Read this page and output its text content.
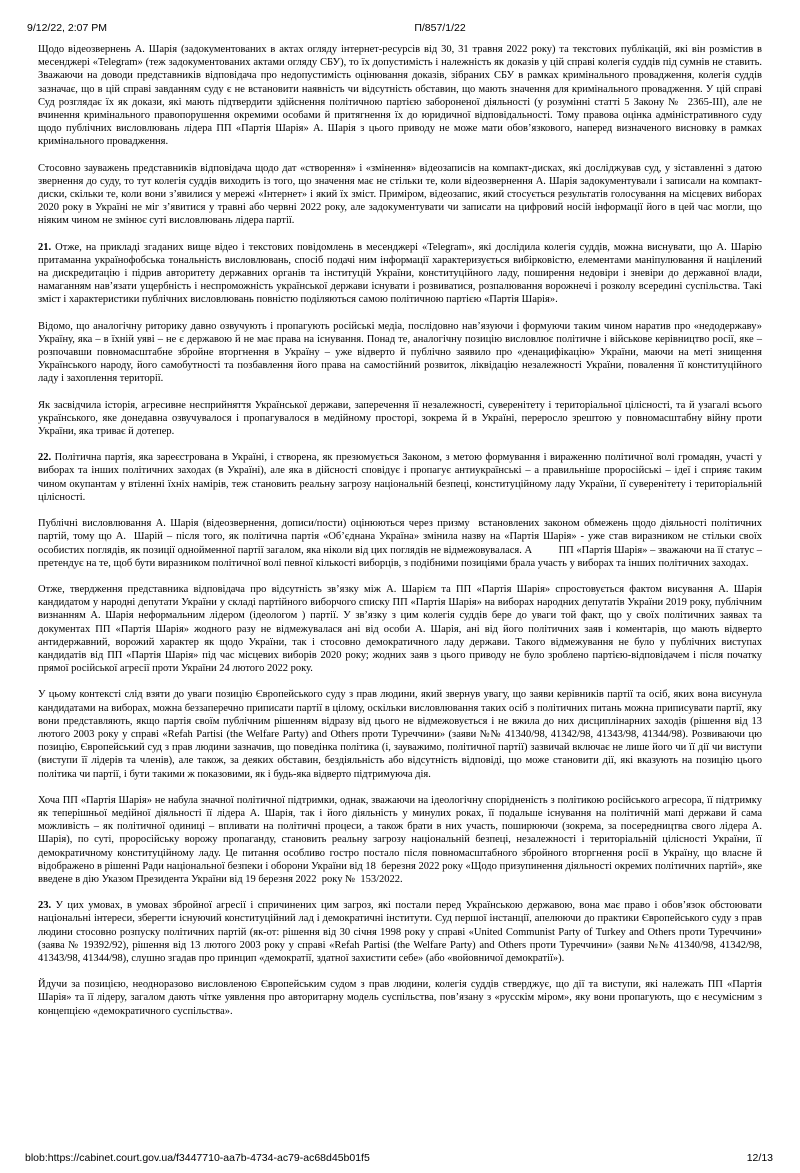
9/12/22, 2:07 PM	П/857/1/22

Щодо відеозвернень А. Шарія (задокументованих в актах огляду інтернет-ресурсів від 30, 31 травня 2022 року) та текстових публікацій, які він розмістив в месенджері «Telegram» (теж задокументованих актами огляду СБУ), то їх допустимість і належність як доказів у цій справі колегія суддів під сумнів не ставить. Зважаючи на доводи представників відповідача про недопустимість оцінювання доказів, зібраних СБУ в рамках кримінального провадження, колегія суддів зазначає, що в цій справі завданням суду є не встановити наявність чи відсутність обставин, що мають значення для кримінального провадження. У цій справі Суд розглядає їх як докази, які мають підтвердити здійснення політичною партією забороненої діяльності (у розумінні статті 5 Закону №  2365-ІІІ), але не вчинення кримінального правопорушення окремими особами й притягнення їх до юридичної відповідальності. Тому правова оцінка адміністративного суду щодо публічних висловлювань лідера ПП «Партія Шарія» А. Шарія з цього приводу не може мати обов’язкового, наперед визначеного висновку в рамках кримінального провадження.

Стосовно зауважень представників відповідача щодо дат «створення» і «змінення» відеозаписів на компакт-дисках, які досліджував суд, у зіставленні з датою звернення до суду, то тут колегія суддів виходить із того, що значення має не стільки те, коли відеозвернення А. Шарія задокументували і записали на компакт-диски, скільки те, коли вони з’явилися у мережі «Інтернет» і який їх зміст. Приміром, відеозапис, який стосується результатів голосування на місцевих виборах 2020 року в Україні не міг з’явитися у травні або червні 2022 року, але задокументувати чи записати на цифровий носій інформації його в цей час могли, що ніяким чином не змінює суті висловлювань лідера партії.

21. Отже, на прикладі згаданих вище відео і текстових повідомлень в месенджері «Telegram», які дослідила колегія суддів, можна виснувати, що А. Шарію притаманна українофобська тональність висловлювань, спосіб подачі ним інформації характеризується вибірковістю, елементами маніпулювання й націлений на дискредитацію і підрив авторитету державних органів та інституцій України, конституційного ладу, поширення недовіри і зневіри до державної влади, намаганням нав’язати ущербність і неспроможність української держави існувати і розвиватися, розпалювання ворожнечі і розколу всередині суспільства. Такі зміст і характеристики публічних висловлювань повністю поділяються самою політичною партією «Партія Шарія».

Відомо, що аналогічну риторику давно озвучують і пропагують російські медіа, послідовно нав’язуючи і формуючи таким чином наратив про «недодержаву» Україну, яка – в їхній уяві – не є державою й не має права на існування. Понад те, аналогічну позицію висловлює політичне і військове керівництво росії, яке – розпочавши повномасштабне збройне вторгнення в Україну – уже відверто й публічно заявило про «денацифікацію» України, маючи на меті знищення Українського народу, його самобутності та позбавлення його права на самостійний розвиток, ліквідацію незалежності України, повалення її конституційного ладу і захоплення території.

Як засвідчила історія, агресивне несприйняття Української держави, заперечення її незалежності, суверенітету і територіальної цілісності, та й узагалі всього українського, яке донедавна озвучувалося і пропагувалося в медійному просторі, зокрема й в Україні, переросло зрештою у повномасштабну війну проти України, яка триває й дотепер.

22. Політична партія, яка зареєстрована в Україні, і створена, як презюмується Законом, з метою формування і вираженню політичної волі громадян, участі у виборах та інших політичних заходах (в Україні), але яка в дійсності сповідує і пропагує антиукраїнські – а правильніше проросійські – ідеї і сприяє таким чином окупантам у втіленні їхніх намірів, теж становить реальну загрозу національній безпеці, конституційному ладу України, її суверенітету і територіальній цілісності.

Публічні висловлювання А. Шарія (відеозвернення, дописи/пости) оцінюються через призму  встановлених законом обмежень щодо діяльності політичних партій, тому що А.  Шарій – після того, як політична партія «Об’єднана Україна» змінила назву на «Партія Шарія» - уже став виразником не стільки своїх особистих поглядів, як позиції однойменної партії загалом, яка ніколи від цих поглядів не відмежовувалася. А          ПП «Партія Шарія» – зважаючи на її статус – претендує на те, щоб бути виразником політичної волі певної кількості виборців, з подібними позиціями брала участь у виборах та інших політичних заходах.

Отже, твердження представника відповідача про відсутність зв’язку між А. Шарієм та ПП «Партія Шарія» спростовується фактом висування А. Шарія кандидатом у народні депутати України у складі партійного виборчого списку ПП «Партія Шарія» на виборах народних депутатів України 2019 року, публічним визнанням А. Шарія неформальним лідером (ідеологом ) партії. У зв’язку з цим колегія суддів бере до уваги той факт, що у своїх політичних заявах та документах ПП «Партія Шарія» жодного разу не відмежувалася ані від особи А. Шарія, ані від його політичних заяв і коментарів, що мають відверто антидержавний, ворожий характер як щодо України, так і стосовно демократичного ладу держави. Такого відмежування не було у публічних виступах кандидатів від ПП «Партія Шарія» під час місцевих виборів 2020 року; жодних заяв з цього приводу не було зроблено партією-відповідачем і після початку прямої російської агресії проти України 24 лютого 2022 року.

У цьому контексті слід взяти до уваги позицію Європейського суду з прав людини, який звернув увагу, що заяви керівників партії та осіб, яких вона висунула кандидатами на виборах, можна беззаперечно приписати партії в цілому, оскільки висловлювання таких осіб з політичних питань можна приписувати партії, яку вони представляють, якщо партія своїм публічним рішенням відразу від цього не відмежовується і не вжила до них дисциплінарних заходів (рішення від 13 лютого 2003 року у справі «Refah Partisi (the Welfare Party) and Others проти Туреччини» (заяви №№ 41340/98, 41342/98, 41343/98, 41344/98). Розвиваючи цю позицію, Європейський суд з прав людини зазначив, що поведінка політика (і, зауважимо, політичної партії) зазвичай включає не лише його чи її дії чи виступи (виступи її лідерів та членів), але також, за деяких обставин, бездіяльність або відсутність відповіді, що може становити дії, які вказують на позицію цього політика чи партії, і бути такими ж показовими, як і будь-яка відверто підтримуюча дія.

Хоча ПП «Партія Шарія» не набула значної політичної підтримки, однак, зважаючи на ідеологічну спорідненість з політикою російського агресора, її підтримку як теперішньої медійної діяльності її лідера А. Шарія, так і його діяльність у минулих роках, її подальше існування на політичній мапі держави й сама можливість – як політичної одиниці – впливати на політичні процеси, а також брати в них участь, поширюючи (зокрема, за посередництва свого лідера А. Шарія), по суті, проросійську ворожу пропаганду, становить реальну загрозу національній безпеці, незалежності і територіальній цілісності України, її демократичному конституційному ладу. Це питання особливо гостро постало після повномасштабного збройного вторгнення росії в Україну, що власне й відображено в рішенні Ради національної безпеки і оборони України від 18  березня 2022 року «Щодо призупинення діяльності окремих політичних партій», яке введене в дію Указом Президента України від 19 березня 2022  року №  153/2022.

23. У цих умовах, в умовах збройної агресії і спричинених цим загроз, які постали перед Українською державою, вона має право і обов’язок обстоювати національні інтереси, зберегти існуючий конституційний лад і демократичні інститути. Суд першої інстанції, апелюючи до практики Європейського суду з прав людини стосовно розпуску політичних партій (як-от: рішення від 30 січня 1998 року у справі «United Communist Party of Turkey and Others проти Туреччини» (заява № 19392/92), рішення від 13 лютого 2003 року у справі «Refah Partisi (the Welfare Party) and Others проти Туреччини» (заяви №№ 41340/98, 41342/98, 41343/98, 41344/98), слушно згадав про принцип «демократії, здатної захистити себе» (або «войовничої демократії»).

Йдучи за позицією, неодноразово висловленою Європейським судом з прав людини, колегія суддів стверджує, що дії та виступи, які належать ПП «Партія Шарія» та її лідеру, загалом дають чітке уявлення про авторитарну модель суспільства, пов’язану з «русскім міром», яку вони пропагують, що є несумісним з концепцією «демократичного суспільства».

blob:https://cabinet.court.gov.ua/f3447710-aa7b-4734-ac79-ac68d45b01f5	12/13
